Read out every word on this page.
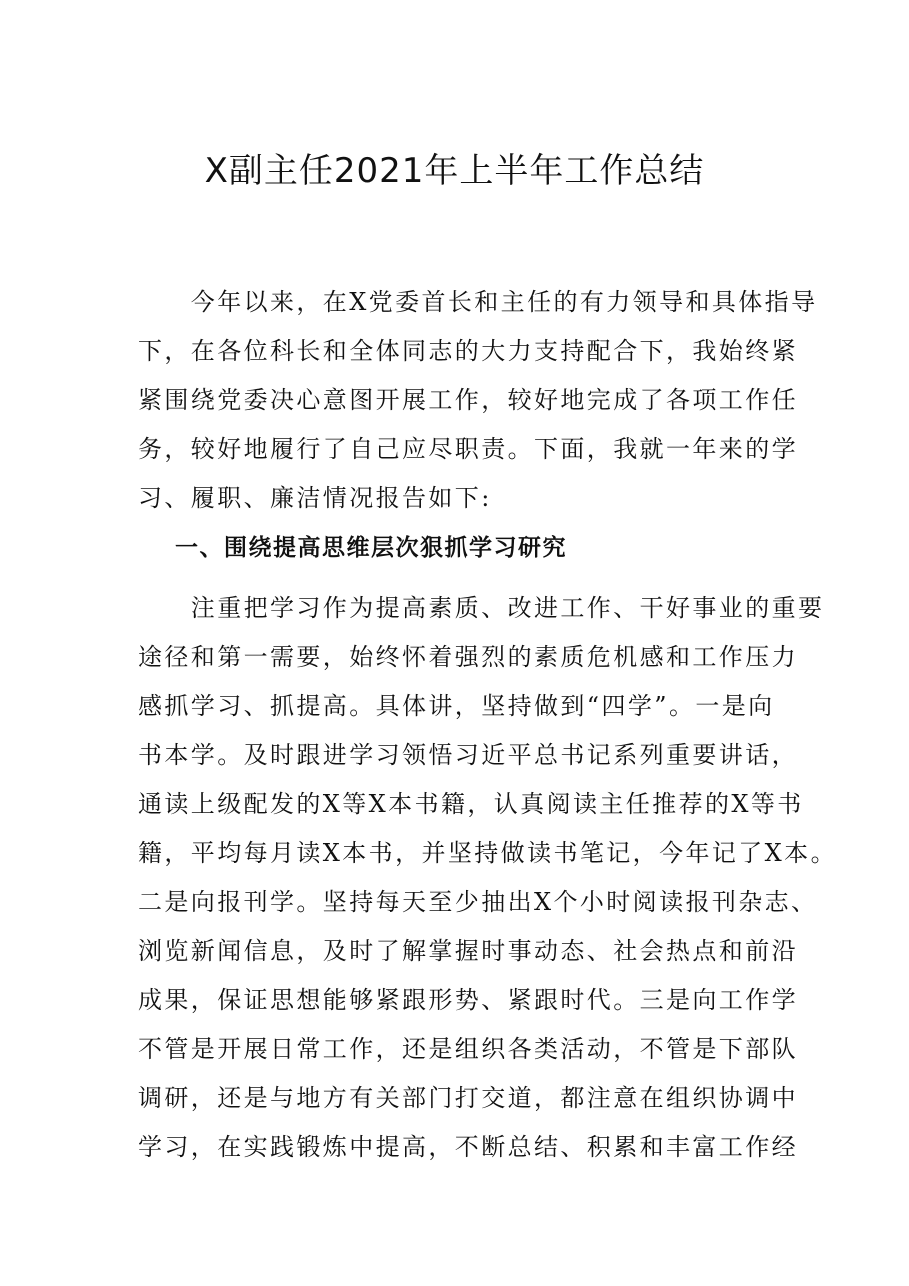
X副主任2021年上半年工作总结
　　今年以来，在X党委首长和主任的有力领导和具体指导
下，在各位科长和全体同志的大力支持配合下，我始终紧
紧围绕党委决心意图开展工作，较好地完成了各项工作任
务，较好地履行了自己应尽职责。下面，我就一年来的学
习、履职、廉洁情况报告如下:
一、围绕提高思维层次狠抓学习研究
　　注重把学习作为提高素质、改进工作、干好事业的重要
途径和第一需要，始终怀着强烈的素质危机感和工作压力
感抓学习、抓提高。具体讲，坚持做到“四学”。一是向
书本学。及时跟进学习领悟习近平总书记系列重要讲话，
通读上级配发的X等X本书籍，认真阅读主任推荐的X等书
籍，平均每月读X本书，并坚持做读书笔记，今年记了X本。
二是向报刊学。坚持每天至少抽出X个小时阅读报刊杂志、
浏览新闻信息，及时了解掌握时事动态、社会热点和前沿
成果，保证思想能够紧跟形势、紧跟时代。三是向工作学
不管是开展日常工作，还是组织各类活动，不管是下部队
调研，还是与地方有关部门打交道，都注意在组织协调中
学习，在实践锻炼中提高，不断总结、积累和丰富工作经
